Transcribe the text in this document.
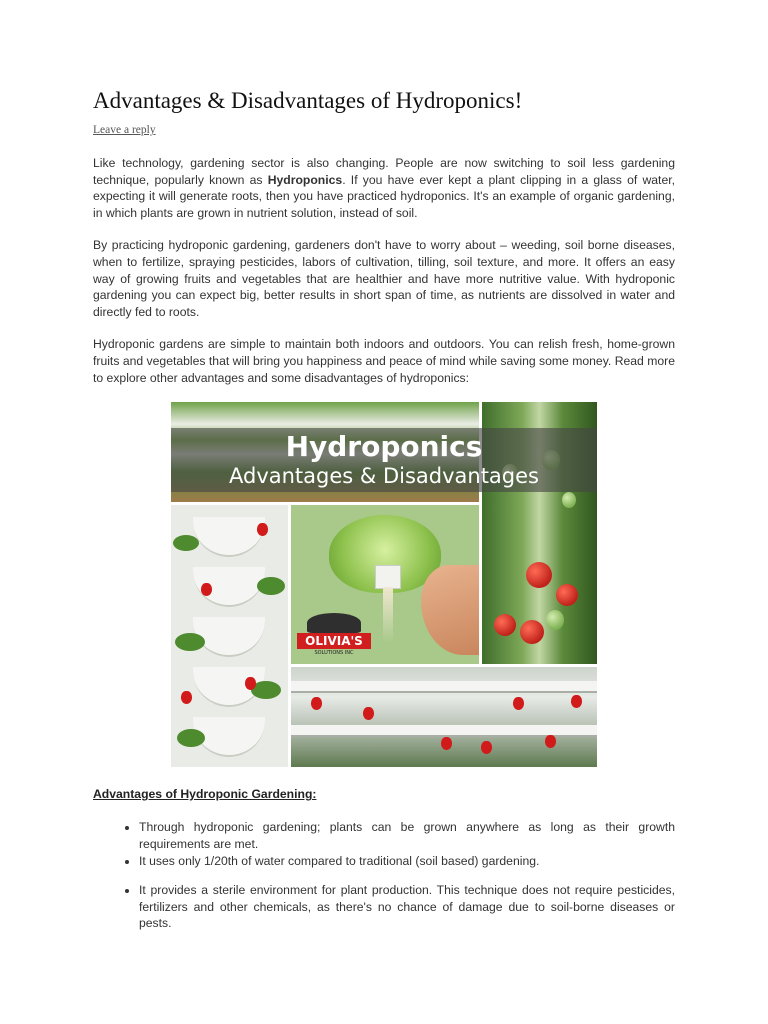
Advantages & Disadvantages of Hydroponics!
Leave a reply

Like technology, gardening sector is also changing. People are now switching to soil less gardening technique, popularly known as Hydroponics. If you have ever kept a plant clipping in a glass of water, expecting it will generate roots, then you have practiced hydroponics. It's an example of organic gardening, in which plants are grown in nutrient solution, instead of soil.

By practicing hydroponic gardening, gardeners don't have to worry about – weeding, soil borne diseases, when to fertilize, spraying pesticides, labors of cultivation, tilling, soil texture, and more. It offers an easy way of growing fruits and vegetables that are healthier and have more nutritive value. With hydroponic gardening you can expect big, better results in short span of time, as nutrients are dissolved in water and directly fed to roots.

Hydroponic gardens are simple to maintain both indoors and outdoors. You can relish fresh, home-grown fruits and vegetables that will bring you happiness and peace of mind while saving some money. Read more to explore other advantages and some disadvantages of hydroponics:

Hydroponics
Advantages & Disadvantages
OLIVIA'S
SOLUTIONS INC
Advantages of Hydroponic Gardening:
• Through hydroponic gardening; plants can be grown anywhere as long as their growth requirements are met.
• It uses only 1/20th of water compared to traditional (soil based) gardening.
• It provides a sterile environment for plant production. This technique does not require pesticides, fertilizers and other chemicals, as there's no chance of damage due to soil-borne diseases or pests.
